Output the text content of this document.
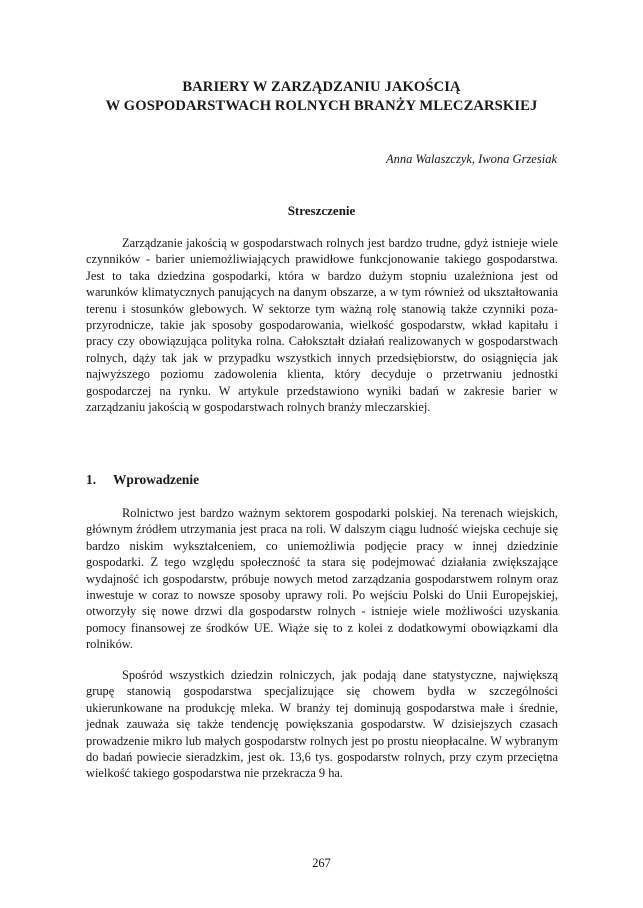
BARIERY W ZARZĄDZANIU JAKOŚCIĄ
W GOSPODARSTWACH ROLNYCH BRANŻY MLECZARSKIEJ
Anna Walaszczyk, Iwona Grzesiak
Streszczenie

Zarządzanie jakością w gospodarstwach rolnych jest bardzo trudne, gdyż istnieje wiele czynników - barier uniemożliwiających prawidłowe funkcjonowanie takiego gospodarstwa. Jest to taka dziedzina gospodarki, która w bardzo dużym stopniu uzależniona jest od warunków klimatycznych panujących na danym obszarze, a w tym również od ukształtowania terenu i stosunków glebowych. W sektorze tym ważną rolę stanowią także czynniki poza-przyrodnicze, takie jak sposoby gospodarowania, wielkość gospodarstw, wkład kapitału i pracy czy obowiązująca polityka rolna. Całokształt działań realizowanych w gospodarstwach rolnych, dąży tak jak w przypadku wszystkich innych przedsiębiorstw, do osiągnięcia jak najwyższego poziomu zadowolenia klienta, który decyduje o przetrwaniu jednostki gospodarczej na rynku. W artykule przedstawiono wyniki badań w zakresie barier w zarządzaniu jakością w gospodarstwach rolnych branży mleczarskiej.

1. Wprowadzenie

Rolnictwo jest bardzo ważnym sektorem gospodarki polskiej. Na terenach wiejskich, głównym źródłem utrzymania jest praca na roli. W dalszym ciągu ludność wiejska cechuje się bardzo niskim wykształceniem, co uniemożliwia podjęcie pracy w innej dziedzinie gospodarki. Z tego względu społeczność ta stara się podejmować działania zwiększające wydajność ich gospodarstw, próbuje nowych metod zarządzania gospodarstwem rolnym oraz inwestuje w coraz to nowsze sposoby uprawy roli. Po wejściu Polski do Unii Europejskiej, otworzyły się nowe drzwi dla gospodarstw rolnych - istnieje wiele możliwości uzyskania pomocy finansowej ze środków UE. Wiąże się to z kolei z dodatkowymi obowiązkami dla rolników.

Spośród wszystkich dziedzin rolniczych, jak podają dane statystyczne, największą grupę stanowią gospodarstwa specjalizujące się chowem bydła w szczególności ukierunkowane na produkcję mleka. W branży tej dominują gospodarstwa małe i średnie, jednak zauważa się także tendencję powiększania gospodarstw. W dzisiejszych czasach prowadzenie mikro lub małych gospodarstw rolnych jest po prostu nieopłacalne. W wybranym do badań powiecie sieradzkim, jest ok. 13,6 tys. gospodarstw rolnych, przy czym przeciętna wielkość takiego gospodarstwa nie przekracza 9 ha.

267
